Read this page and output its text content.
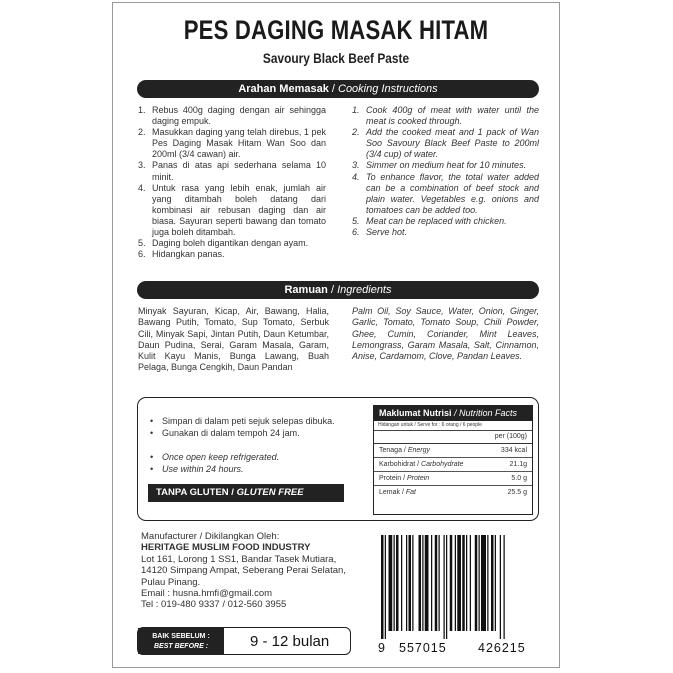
PES DAGING MASAK HITAM
Savoury Black Beef Paste
Arahan Memasak / Cooking Instructions
1. Rebus 400g daging dengan air sehingga daging empuk.
2. Masukkan daging yang telah direbus, 1 pek Pes Daging Masak Hitam Wan Soo dan 200ml (3/4 cawan) air.
3. Panas di atas api sederhana selama 10 minit.
4. Untuk rasa yang lebih enak, jumlah air yang ditambah boleh datang dari kombinasi air rebusan daging dan air biasa. Sayuran seperti bawang dan tomato juga boleh ditambah.
5. Daging boleh digantikan dengan ayam.
6. Hidangkan panas.
1. Cook 400g of meat with water until the meat is cooked through.
2. Add the cooked meat and 1 pack of Wan Soo Savoury Black Beef Paste to 200ml (3/4 cup) of water.
3. Simmer on medium heat for 10 minutes.
4. To enhance flavor, the total water added can be a combination of beef stock and plain water. Vegetables e.g. onions and tomatoes can be added too.
5. Meat can be replaced with chicken.
6. Serve hot.
Ramuan / Ingredients
Minyak Sayuran, Kicap, Air, Bawang, Halia, Bawang Putih, Tomato, Sup Tomato, Serbuk Cili, Minyak Sapi, Jintan Putih, Daun Ketumbar, Daun Pudina, Serai, Garam Masala, Garam, Kulit Kayu Manis, Bunga Lawang, Buah Pelaga, Bunga Cengkih, Daun Pandan
Palm Oil, Soy Sauce, Water, Onion, Ginger, Garlic, Tomato, Tomato Soup, Chili Powder, Ghee, Cumin, Coriander, Mint Leaves, Lemongrass, Garam Masala, Salt, Cinnamon, Anise, Cardamom, Clove, Pandan Leaves.
• Simpan di dalam peti sejuk selepas dibuka.
• Gunakan di dalam tempoh 24 jam.
• Once open keep refrigerated.
• Use within 24 hours.
TANPA GLUTEN / GLUTEN FREE
Maklumat Nutrisi / Nutrition Facts
Hidangan untuk / Serve for : 6 orang / 6 people
per (100g)
Tenaga / Energy	334 kcal
Karbohidrat / Carbohydrate	21.1g
Protein / Protein	5.0 g
Lemak / Fat	25.5 g
Manufacturer / Dikilangkan Oleh:
HERITAGE MUSLIM FOOD INDUSTRY
Lot 161, Lorong 1 SS1, Bandar Tasek Mutiara,
14120 Simpang Ampat, Seberang Perai Selatan,
Pulau Pinang.
Email : husna.hmfi@gmail.com
Tel : 019-480 9337 / 012-560 3955
BAIK SEBELUM :
BEST BEFORE :	9 - 12 bulan	9 557015	426215
